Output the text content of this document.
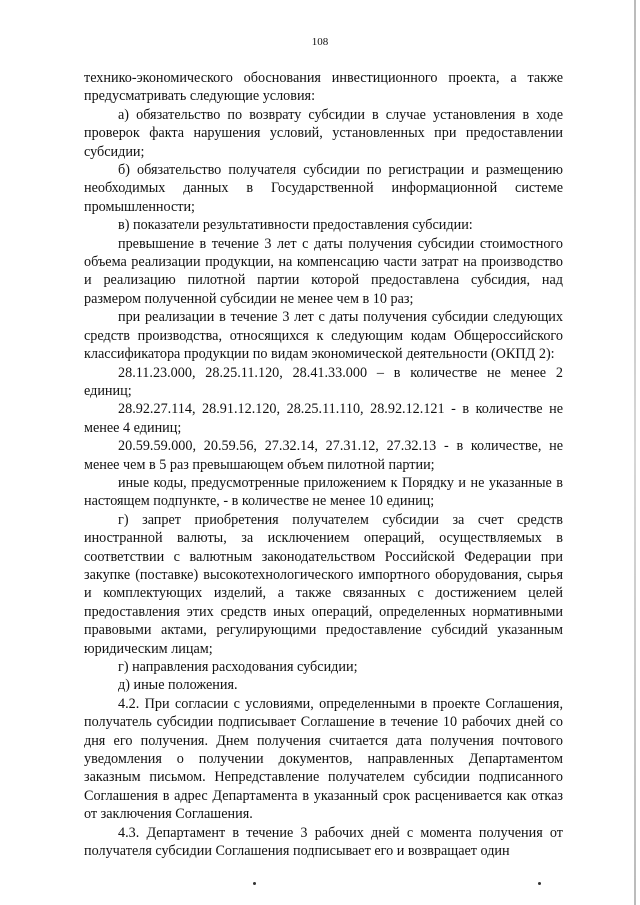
108

технико-экономического обоснования инвестиционного проекта, а также предусматривать следующие условия:

а) обязательство по возврату субсидии в случае установления в ходе проверок факта нарушения условий, установленных при предоставлении субсидии;

б) обязательство получателя субсидии по регистрации и размещению необходимых данных в Государственной информационной системе промышленности;

в) показатели результативности предоставления субсидии:

превышение в течение 3 лет с даты получения субсидии стоимостного объема реализации продукции, на компенсацию части затрат на производство и реализацию пилотной партии которой предоставлена субсидия, над размером полученной субсидии не менее чем в 10 раз;

при реализации в течение 3 лет с даты получения субсидии следующих средств производства, относящихся к следующим кодам Общероссийского классификатора продукции по видам экономической деятельности (ОКПД 2):

28.11.23.000, 28.25.11.120, 28.41.33.000 – в количестве не менее 2 единиц;

28.92.27.114, 28.91.12.120, 28.25.11.110, 28.92.12.121 - в количестве не менее 4 единиц;

20.59.59.000, 20.59.56, 27.32.14, 27.31.12, 27.32.13 - в количестве, не менее чем в 5 раз превышающем объем пилотной партии;

иные коды, предусмотренные приложением к Порядку и не указанные в настоящем подпункте, - в количестве не менее 10 единиц;

г) запрет приобретения получателем субсидии за счет средств иностранной валюты, за исключением операций, осуществляемых в соответствии с валютным законодательством Российской Федерации при закупке (поставке) высокотехнологического импортного оборудования, сырья и комплектующих изделий, а также связанных с достижением целей предоставления этих средств иных операций, определенных нормативными правовыми актами, регулирующими предоставление субсидий указанным юридическим лицам;

г) направления расходования субсидии;

д) иные положения.

4.2. При согласии с условиями, определенными в проекте Соглашения, получатель субсидии подписывает Соглашение в течение 10 рабочих дней со дня его получения. Днем получения считается дата получения почтового уведомления о получении документов, направленных Департаментом заказным письмом. Непредставление получателем субсидии подписанного Соглашения в адрес Департамента в указанный срок расценивается как отказ от заключения Соглашения.

4.3. Департамент в течение 3 рабочих дней с момента получения от получателя субсидии Соглашения подписывает его и возвращает один
